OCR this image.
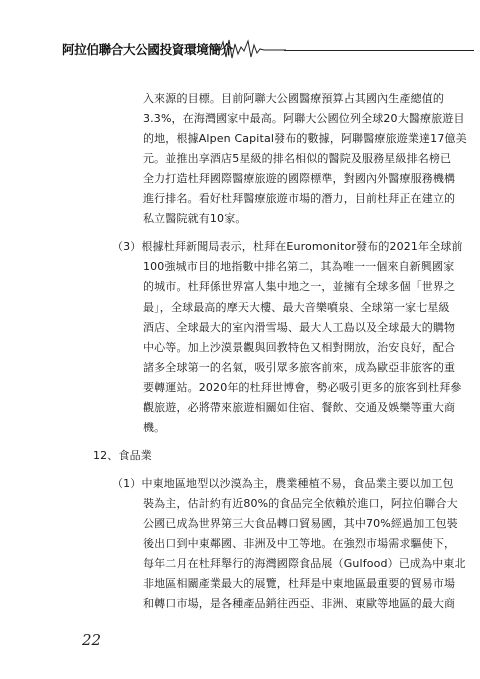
阿拉伯聯合大公國投資環境簡介
入來源的目標。目前阿聯大公國醫療預算占其國內生產總值的
3.3%，在海灣國家中最高。阿聯大公國位列全球20大醫療旅遊目
的地，根據Alpen Capital發布的數據，阿聯醫療旅遊業達17億美
元。並推出享酒店5星級的排名相似的醫院及服務星級排名榜已
全力打造杜拜國際醫療旅遊的國際標準，對國內外醫療服務機構
進行排名。看好杜拜醫療旅遊市場的潛力，目前杜拜正在建立的
私立醫院就有10家。
（3）根據杜拜新聞局表示，杜拜在Euromonitor發布的2021年全球前
100強城市目的地指數中排名第二，其為唯一一個來自新興國家
的城市。杜拜係世界富人集中地之一，並擁有全球多個「世界之
最」，全球最高的摩天大樓、最大音樂噴泉、全球第一家七星級
酒店、全球最大的室內滑雪場、最大人工島以及全球最大的購物
中心等。加上沙漠景觀與回教特色又相對開放，治安良好，配合
諸多全球第一的名氣，吸引眾多旅客前來，成為歐亞非旅客的重
要轉運站。2020年的杜拜世博會，勢必吸引更多的旅客到杜拜參
觀旅遊，必將帶來旅遊相關如住宿、餐飲、交通及娛樂等重大商
機。
12、食品業
（1）中東地區地型以沙漠為主，農業種植不易，食品業主要以加工包
裝為主，估計約有近80%的食品完全依賴於進口，阿拉伯聯合大
公國已成為世界第三大食品轉口貿易國，其中70%經過加工包裝
後出口到中東鄰國、非洲及中工等地。在強烈市場需求驅使下，
每年二月在杜拜舉行的海灣國際食品展（Gulfood）已成為中東北
非地區相關產業最大的展覽，杜拜是中東地區最重要的貿易市場
和轉口市場，是各種產品銷往西亞、非洲、東歐等地區的最大商
22
